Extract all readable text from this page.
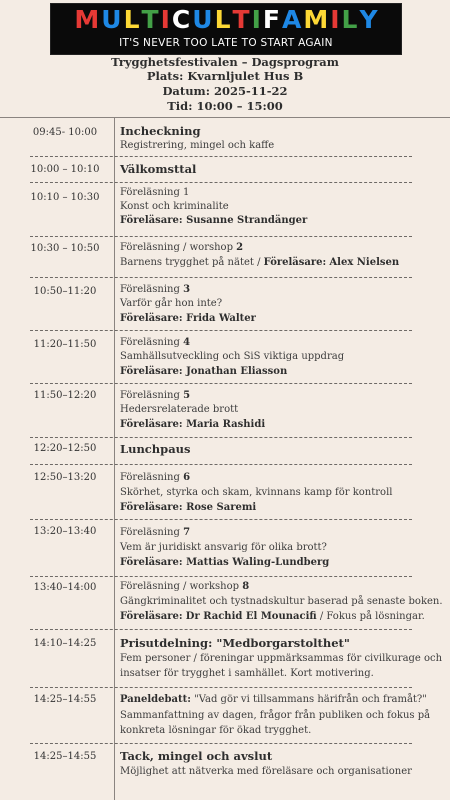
M U L T I C U L T I F A M I L Y
IT'S NEVER TOO LATE TO START AGAIN
Trygghetsfestivalen – Dagsprogram
Plats: Kvarnljulet Hus B
Datum: 2025-11-22
Tid: 10:00 – 15:00
09:45- 10:00	Incheckning
Registrering, mingel och kaffe
10:00 – 10:10	Välkomsttal
10:10 – 10:30	Föreläsning 1
Konst och kriminalite
Föreläsare: Susanne Strandänger
10:30 – 10:50	Föreläsning / worshop 2
Barnens trygghet på nätet / Föreläsare: Alex Nielsen
10:50–11:20	Föreläsning 3
Varför går hon inte?
Föreläsare: Frida Walter
11:20–11:50	Föreläsning 4
Samhällsutveckling och SiS viktiga uppdrag
Föreläsare: Jonathan Eliasson
11:50–12:20	Föreläsning 5
Hedersrelaterade brott
Föreläsare: Maria Rashidi
12:20–12:50	Lunchpaus
12:50–13:20	Föreläsning 6
Skörhet, styrka och skam, kvinnans kamp för kontroll
Föreläsare: Rose Saremi
13:20–13:40	Föreläsning 7
Vem är juridiskt ansvarig för olika brott?
Föreläsare: Mattias Waling-Lundberg
13:40–14:00	Föreläsning / workshop 8
Gängkriminalitet och tystnadskultur baserad på senaste boken.
Föreläsare: Dr Rachid El Mounacifi / Fokus på lösningar.
14:10–14:25	Prisutdelning: "Medborgarstolthet"
Fem personer / föreningar uppmärksammas för civilkurage och
insatser för trygghet i samhället. Kort motivering.
14:25–14:55	Paneldebatt: "Vad gör vi tillsammans härifrån och framåt?"
Sammanfattning av dagen, frågor från publiken och fokus på
konkreta lösningar för ökad trygghet.
14:25–14:55	Tack, mingel och avslut
Möjlighet att nätverka med föreläsare och organisationer
